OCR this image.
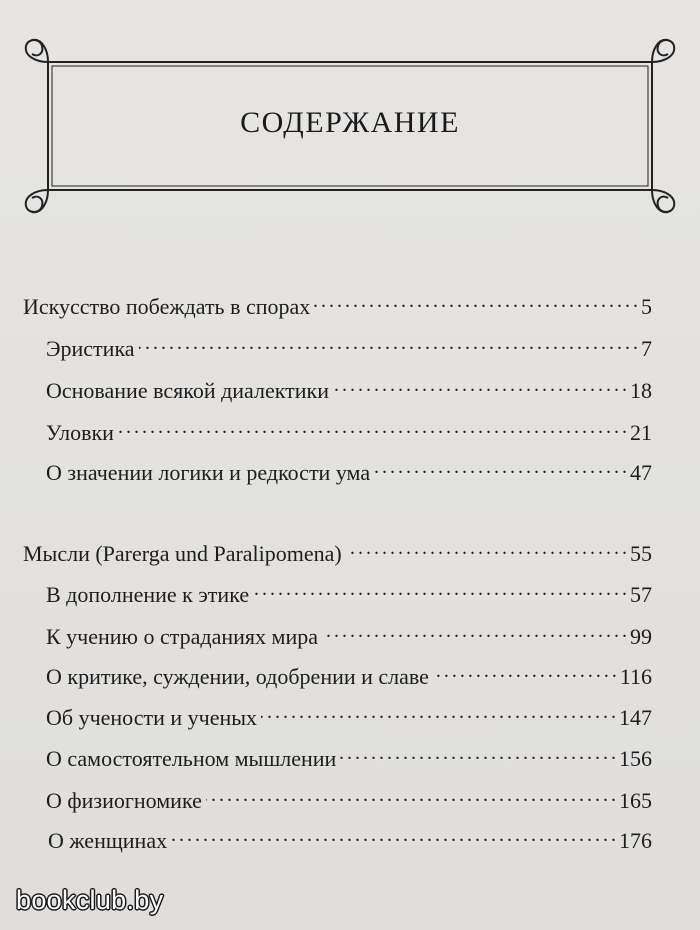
СОДЕРЖАНИЕ
Искусство побеждать в спорах . . .	5
Эристика . . .	7
Основание всякой диалектики . . .	18
Уловки . . .	21
О значении логики и редкости ума . . .	47
Мысли (Parerga und Paralipomena) . . .	55
В дополнение к этике . . .	57
К учению о страданиях мира . . .	99
О критике, суждении, одобрении и славе . . .	116
Об учености и ученых . . .	147
О самостоятельном мышлении . . .	156
О физиогномике . . .	165
О женщинах . . .	176
bookclub.by
